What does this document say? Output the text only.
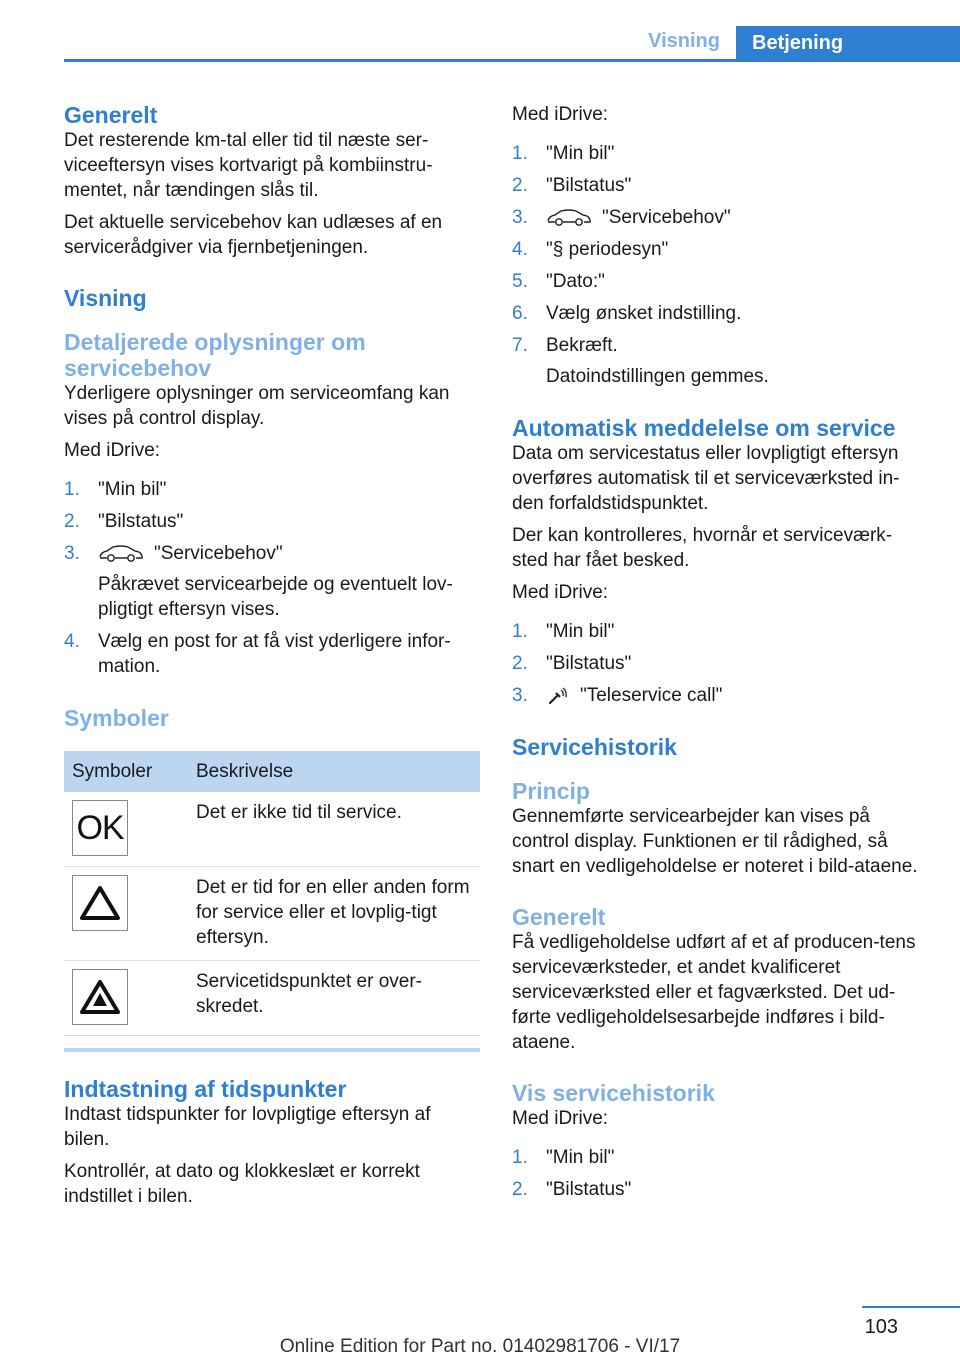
Visning	Betjening
Generelt

Det resterende km-tal eller tid til næste ser-viceeftersyn vises kortvarigt på kombiinstru-mentet, når tændingen slås til.

Det aktuelle servicebehov kan udlæses af en servicerådgiver via fjernbetjeningen.

Visning
Detaljerede oplysninger om servicebehov

Yderligere oplysninger om serviceomfang kan vises på control display.

Med iDrive:

1. "Min bil"
2. "Bilstatus"
3.	"Servicebehov"
Påkrævet servicearbejde og eventuelt lov-pligtigt eftersyn vises.
4. Vælg en post for at få vist yderligere infor-mation.
Symboler
Symboler	Beskrivelse

OK	Det er ikke tid til service.

	Det er tid for en eller anden form for service eller et lovplig-tigt eftersyn.

	Servicetidspunktet er over-skredet.
Indtastning af tidspunkter

Indtast tidspunkter for lovpligtige eftersyn af bilen.

Kontrollér, at dato og klokkeslæt er korrekt indstillet i bilen.

Med iDrive:

1. "Min bil"
2. "Bilstatus"
3.	"Servicebehov"
4. "§ periodesyn"
5. "Dato:"
6. Vælg ønsket indstilling.
7. Bekræft.
Datoindstillingen gemmes.
Automatisk meddelelse om service

Data om servicestatus eller lovpligtigt eftersyn overføres automatisk til et serviceværksted in-den forfaldstidspunktet.

Der kan kontrolleres, hvornår et serviceværk-sted har fået besked.

Med iDrive:

1. "Min bil"
2. "Bilstatus"
3.	"Teleservice call"
Servicehistorik
Princip

Gennemførte servicearbejder kan vises på control display. Funktionen er til rådighed, så snart en vedligeholdelse er noteret i bild-ataene.

Generelt

Få vedligeholdelse udført af et af producen-tens serviceværksteder, et andet kvalificeret serviceværksted eller et fagværksted. Det ud-førte vedligeholdelsesarbejde indføres i bild-ataene.

Vis servicehistorik

Med iDrive:

1. "Min bil"
2. "Bilstatus"
103
Online Edition for Part no. 01402981706 - VI/17
